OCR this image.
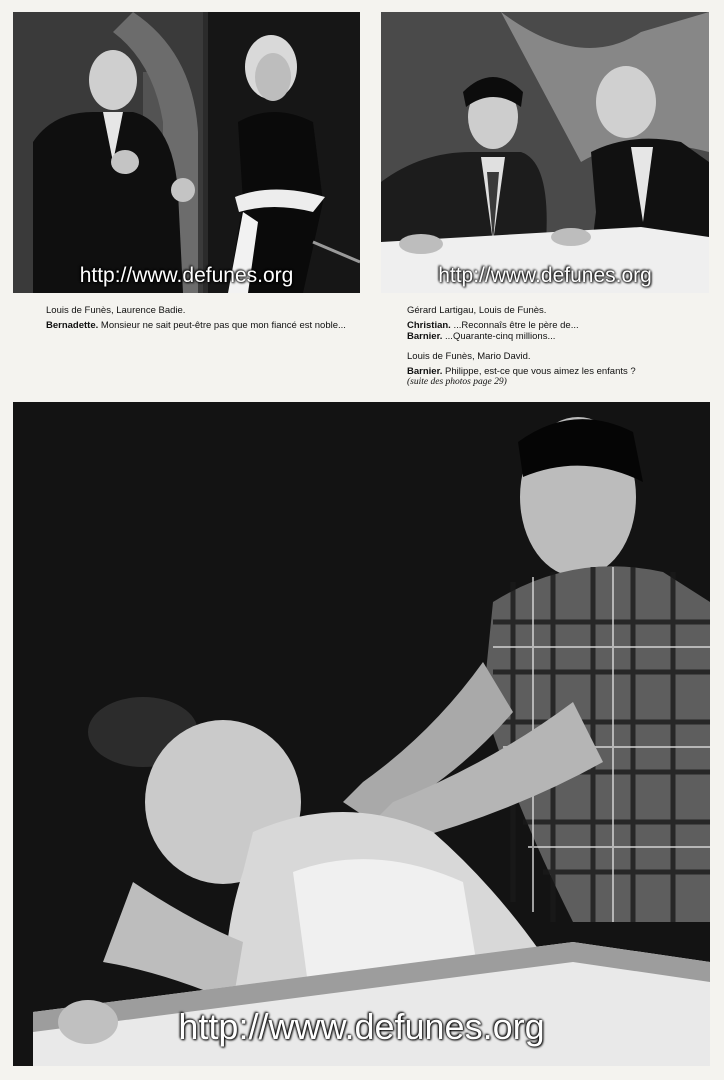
http://www.defunes.org	http://www.defunes.org

Louis de Funès, Laurence Badie.

Bernadette. Monsieur ne sait peut-être pas que mon fiancé est noble...

Gérard Lartigau, Louis de Funès.

Christian. ...Reconnaîs être le père de...

Barnier. ...Quarante-cinq millions...

Louis de Funès, Mario David.

Barnier. Philippe, est-ce que vous aimez les enfants ?

(suite des photos page 29)

http://www.defunes.org
